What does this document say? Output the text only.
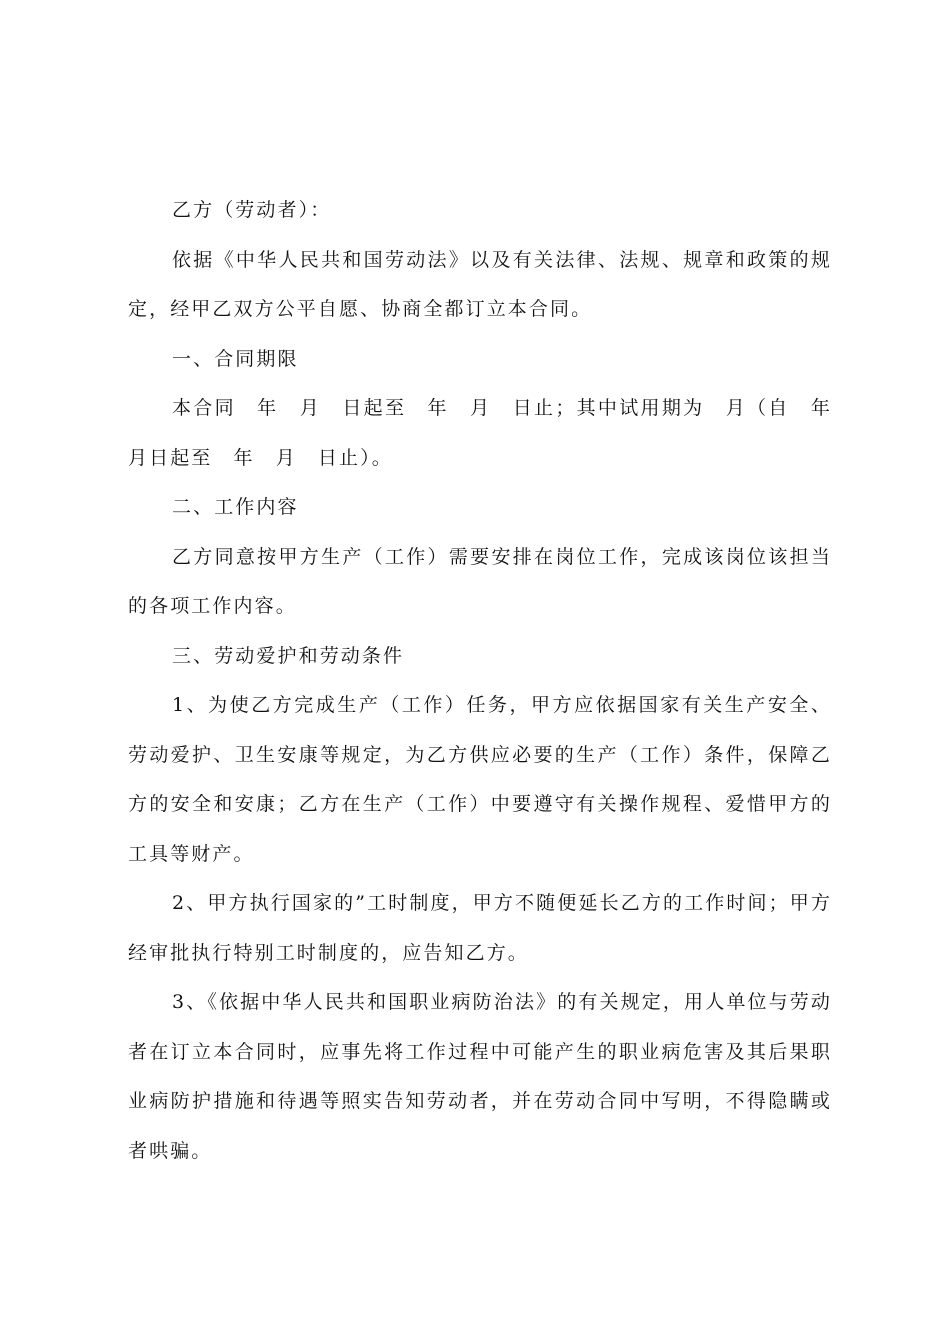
乙方（劳动者）：

依据《中华人民共和国劳动法》以及有关法律、法规、规章和政策的规定，经甲乙双方公平自愿、协商全都订立本合同。

一、合同期限

本合同　年　月　日起至　年　月　日止；其中试用期为　月（自　年　月日起至　年　月　日止）。

二、工作内容

乙方同意按甲方生产（工作）需要安排在岗位工作，完成该岗位该担当的各项工作内容。

三、劳动爱护和劳动条件

1、为使乙方完成生产（工作）任务，甲方应依据国家有关生产安全、劳动爱护、卫生安康等规定，为乙方供应必要的生产（工作）条件，保障乙方的安全和安康；乙方在生产（工作）中要遵守有关操作规程、爱惜甲方的工具等财产。

2、甲方执行国家的”工时制度，甲方不随便延长乙方的工作时间；甲方经审批执行特别工时制度的，应告知乙方。

3、《依据中华人民共和国职业病防治法》的有关规定，用人单位与劳动者在订立本合同时，应事先将工作过程中可能产生的职业病危害及其后果职业病防护措施和待遇等照实告知劳动者，并在劳动合同中写明，不得隐瞒或者哄骗。
